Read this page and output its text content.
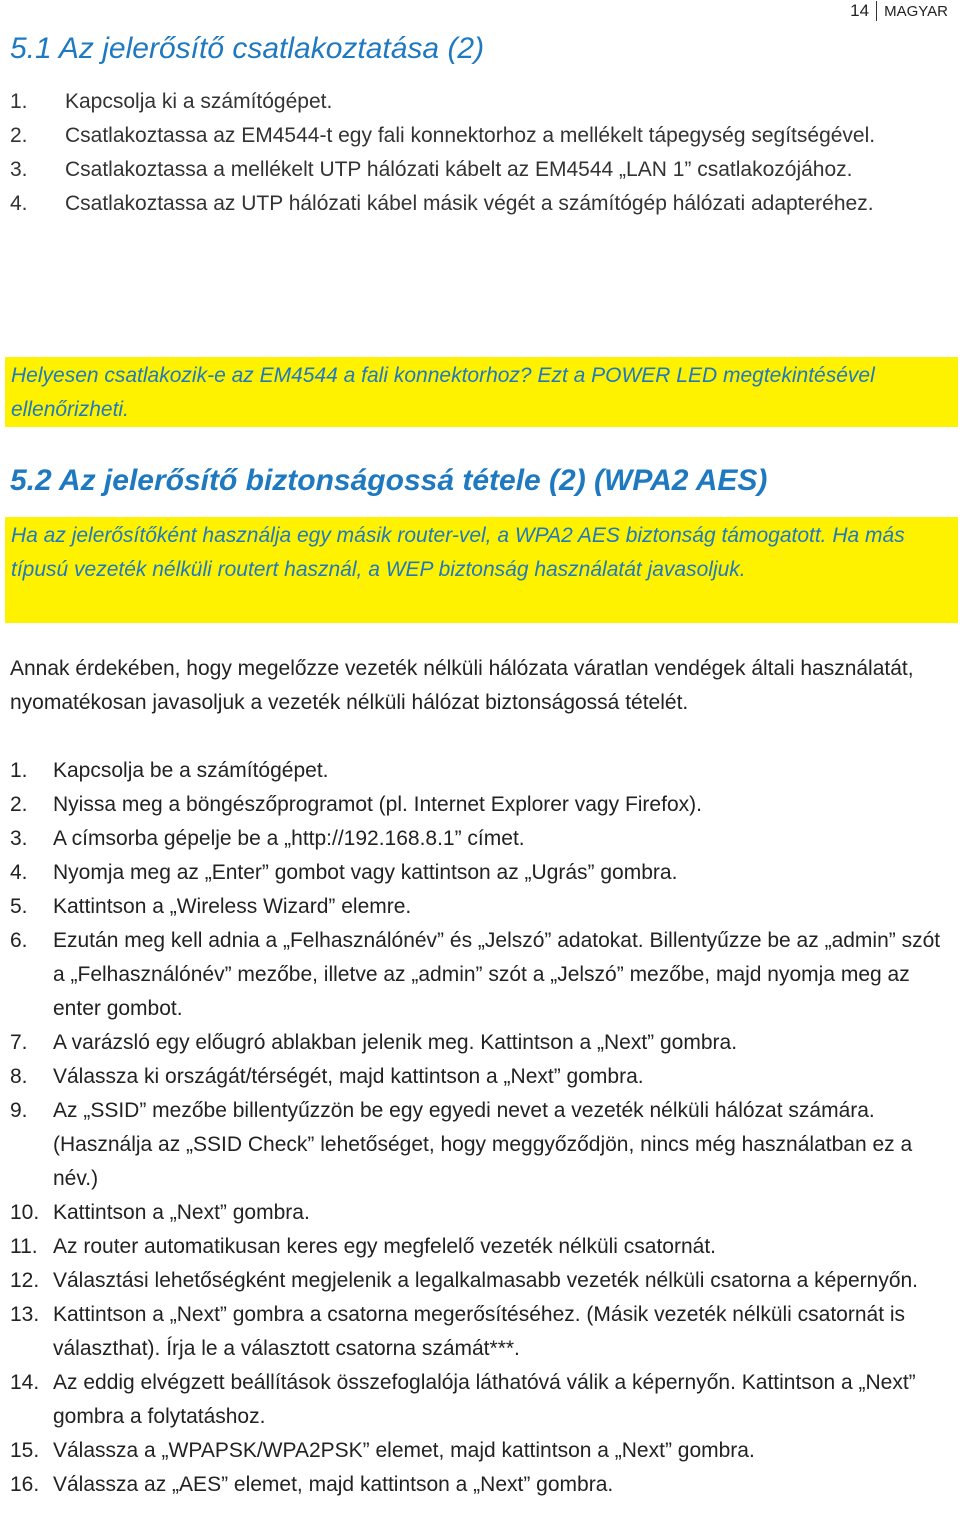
14	MAGYAR
5.1 Az jelerősítő csatlakoztatása (2)
1.	Kapcsolja ki a számítógépet.
2.	Csatlakoztassa az EM4544-t egy fali konnektorhoz a mellékelt tápegység segítségével.
3.	Csatlakoztassa a mellékelt UTP hálózati kábelt az EM4544 „LAN 1” csatlakozójához.
4.	Csatlakoztassa az UTP hálózati kábel másik végét a számítógép hálózati adapteréhez.
Helyesen csatlakozik-e az EM4544 a fali konnektorhoz? Ezt a POWER LED megtekintésével ellenőrizheti.
5.2 Az jelerősítő biztonságossá tétele (2) (WPA2 AES)
Ha az jelerősítőként használja egy másik router-vel, a WPA2 AES biztonság támogatott. Ha más típusú vezeték nélküli routert használ, a WEP biztonság használatát javasoljuk.

Annak érdekében, hogy megelőzze vezeték nélküli hálózata váratlan vendégek általi használatát, nyomatékosan javasoljuk a vezeték nélküli hálózat biztonságossá tételét.

1.	Kapcsolja be a számítógépet.
2.	Nyissa meg a böngészőprogramot (pl. Internet Explorer vagy Firefox).
3.	A címsorba gépelje be a „http://192.168.8.1” címet.
4.	Nyomja meg az „Enter” gombot vagy kattintson az „Ugrás” gombra.
5.	Kattintson a „Wireless Wizard” elemre.
6.	Ezután meg kell adnia a „Felhasználónév” és „Jelszó” adatokat. Billentyűzze be az „admin” szót a „Felhasználónév” mezőbe, illetve az „admin” szót a „Jelszó” mezőbe, majd nyomja meg az enter gombot.
7.	A varázsló egy előugró ablakban jelenik meg. Kattintson a „Next” gombra.
8.	Válassza ki országát/térségét, majd kattintson a „Next” gombra.
9.	Az „SSID” mezőbe billentyűzzön be egy egyedi nevet a vezeték nélküli hálózat számára. (Használja az „SSID Check” lehetőséget, hogy meggyőződjön, nincs még használatban ez a név.)
10. Kattintson a „Next” gombra.
11. Az router automatikusan keres egy megfelelő vezeték nélküli csatornát.
12. Választási lehetőségként megjelenik a legalkalmasabb vezeték nélküli csatorna a képernyőn.
13. Kattintson a „Next” gombra a csatorna megerősítéséhez. (Másik vezeték nélküli csatornát is választhat). Írja le a választott csatorna számát***.
14. Az eddig elvégzett beállítások összefoglalója láthatóvá válik a képernyőn. Kattintson a „Next” gombra a folytatáshoz.
15. Válassza a „WPAPSK/WPA2PSK” elemet, majd kattintson a „Next” gombra.
16. Válassza az „AES” elemet, majd kattintson a „Next” gombra.
